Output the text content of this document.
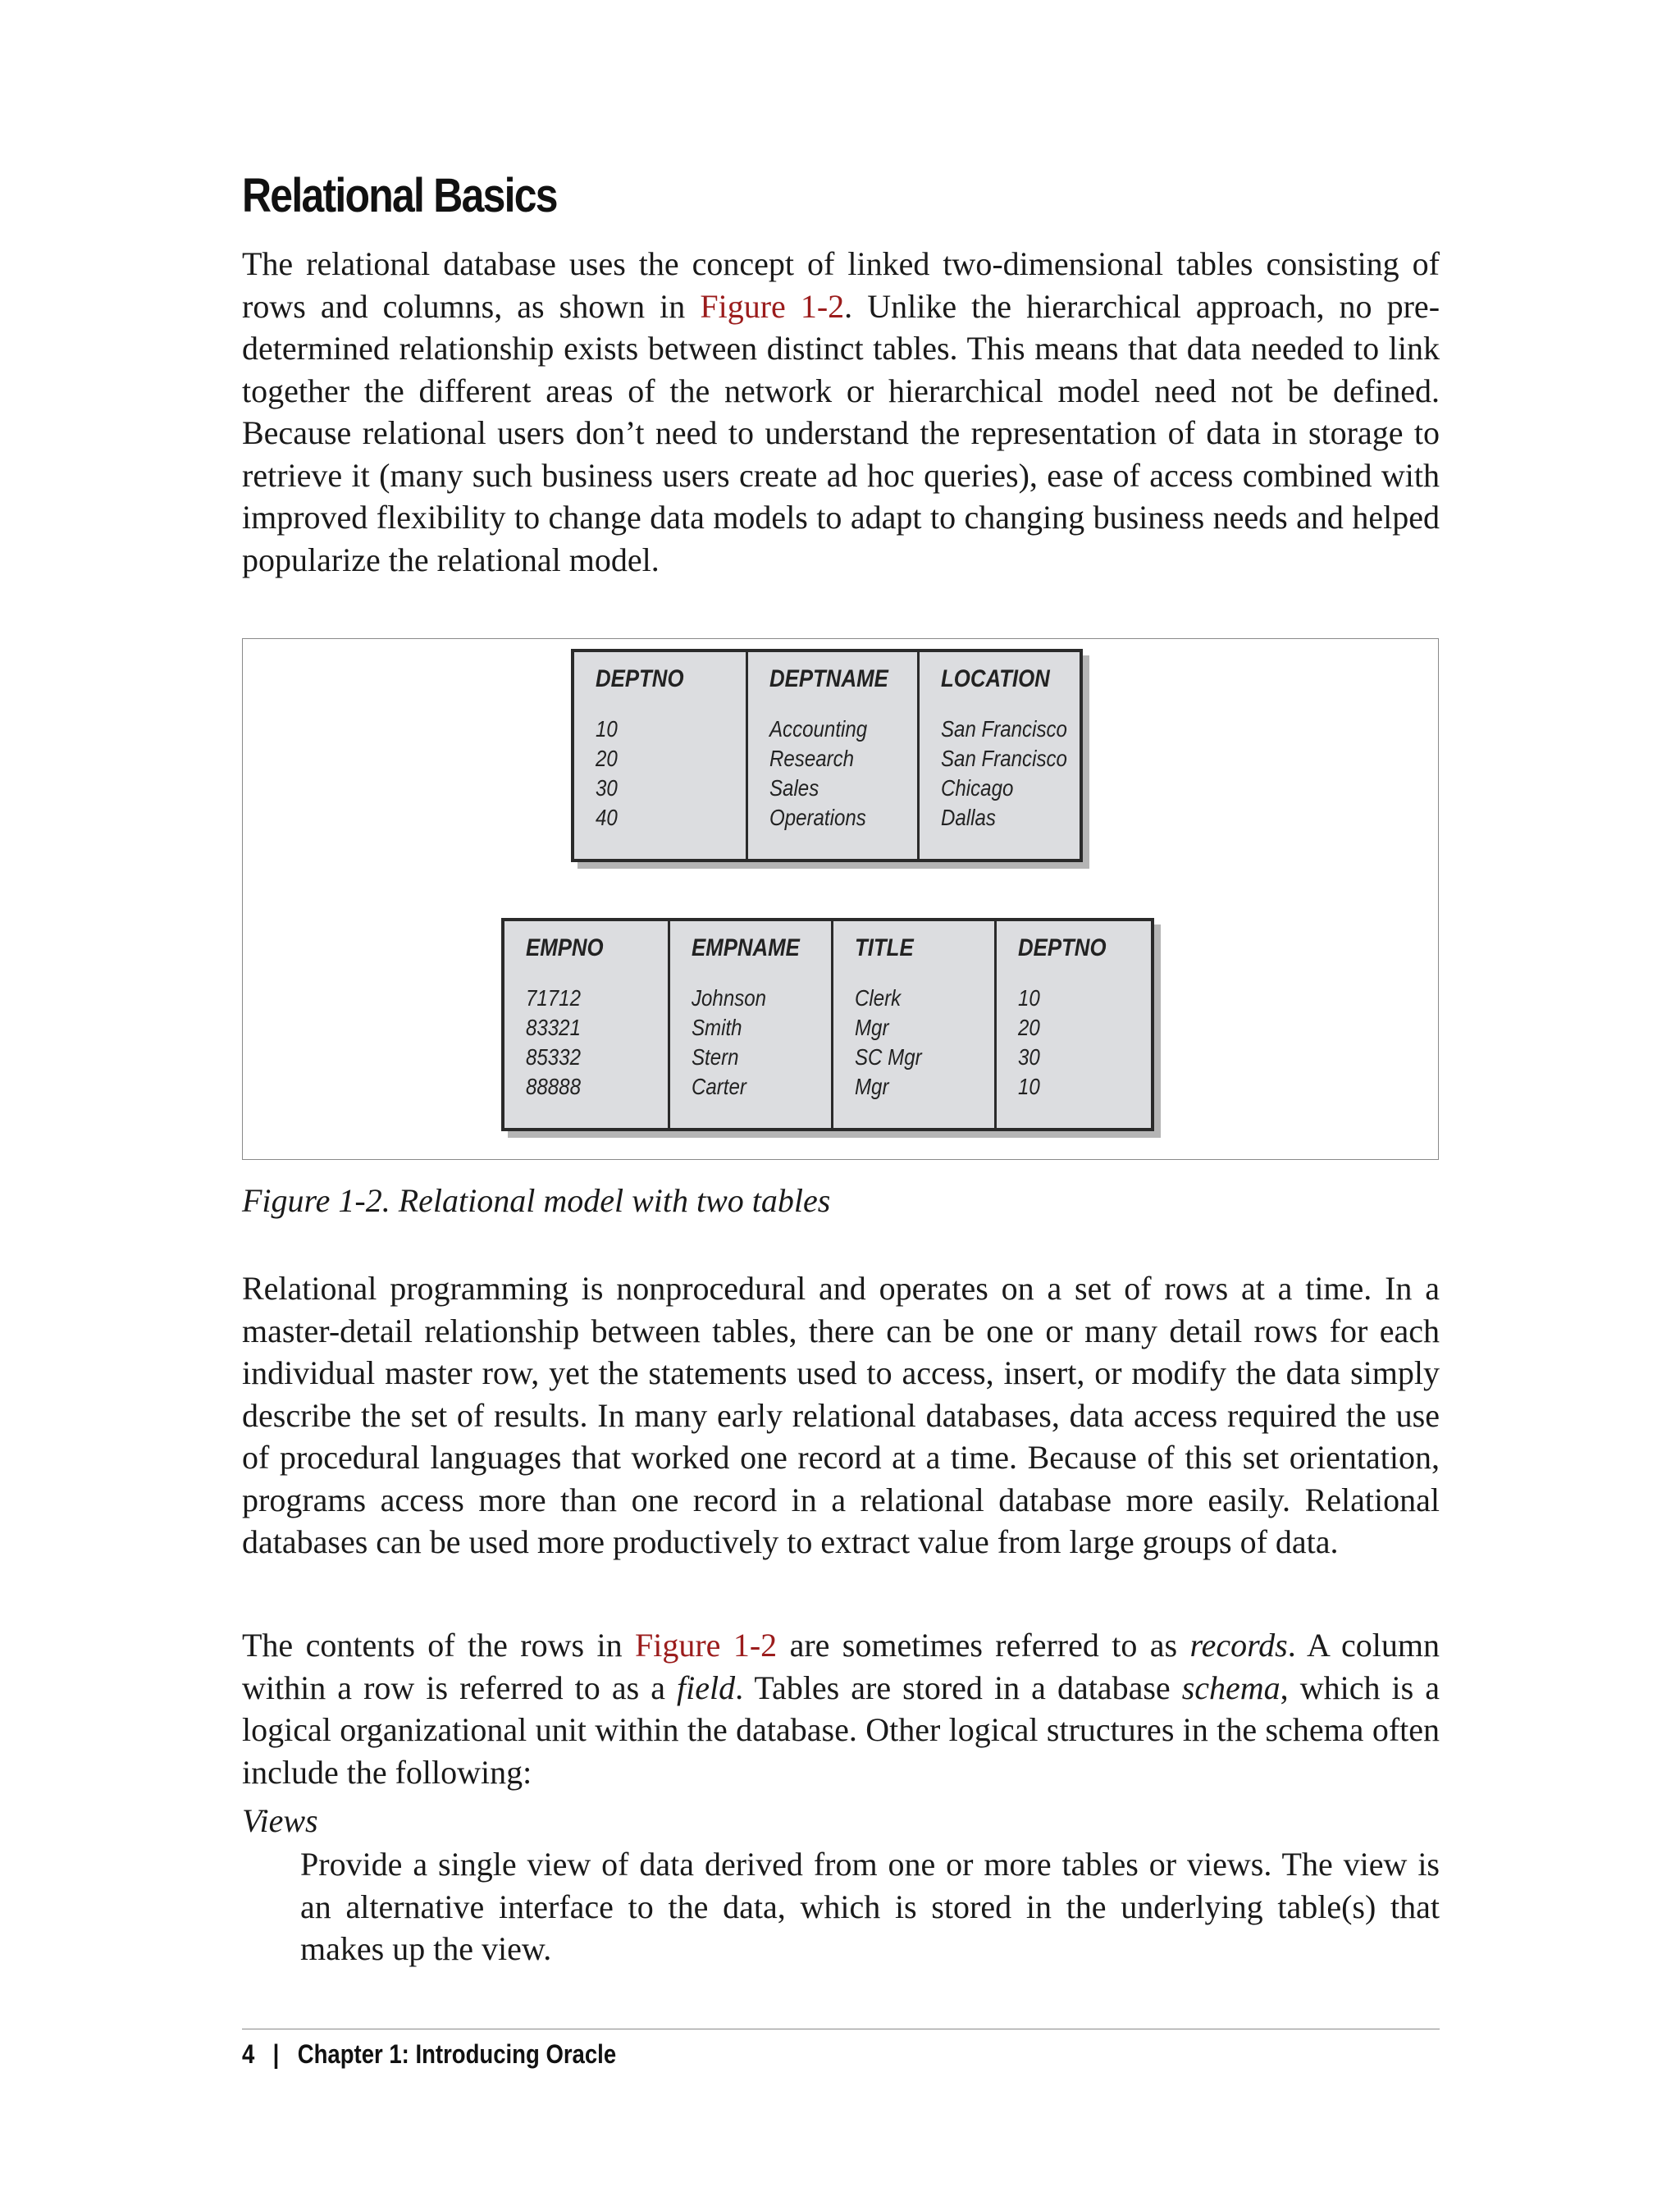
Relational Basics

The relational database uses the concept of linked two-dimensional tables consisting of rows and columns, as shown in Figure 1-2. Unlike the hierarchical approach, no predetermined relationship exists between distinct tables. This means that data needed to link together the different areas of the network or hierarchical model need not be defined. Because relational users don’t need to understand the representation of data in storage to retrieve it (many such business users create ad hoc queries), ease of access combined with improved flexibility to change data models to adapt to changing business needs and helped popularize the relational model.

DEPTNO
10
20
30
40
DEPTNAME
Accounting
Research
Sales
Operations
LOCATION
San Francisco
San Francisco
Chicago
Dallas
EMPNO
71712
83321
85332
88888
EMPNAME
Johnson
Smith
Stern
Carter
TITLE
Clerk
Mgr
SC Mgr
Mgr
DEPTNO
10
20
30
10
Figure 1-2. Relational model with two tables

Relational programming is nonprocedural and operates on a set of rows at a time. In a master-detail relationship between tables, there can be one or many detail rows for each individual master row, yet the statements used to access, insert, or modify the data simply describe the set of results. In many early relational databases, data access required the use of procedural languages that worked one record at a time. Because of this set orientation, programs access more than one record in a relational database more easily. Relational databases can be used more productively to extract value from large groups of data.

The contents of the rows in Figure 1-2 are sometimes referred to as records. A column within a row is referred to as a field. Tables are stored in a database schema, which is a logical organizational unit within the database. Other logical structures in the schema often include the following:

Views

Provide a single view of data derived from one or more tables or views. The view is an alternative interface to the data, which is stored in the underlying table(s) that makes up the view.

4 | Chapter 1: Introducing Oracle
